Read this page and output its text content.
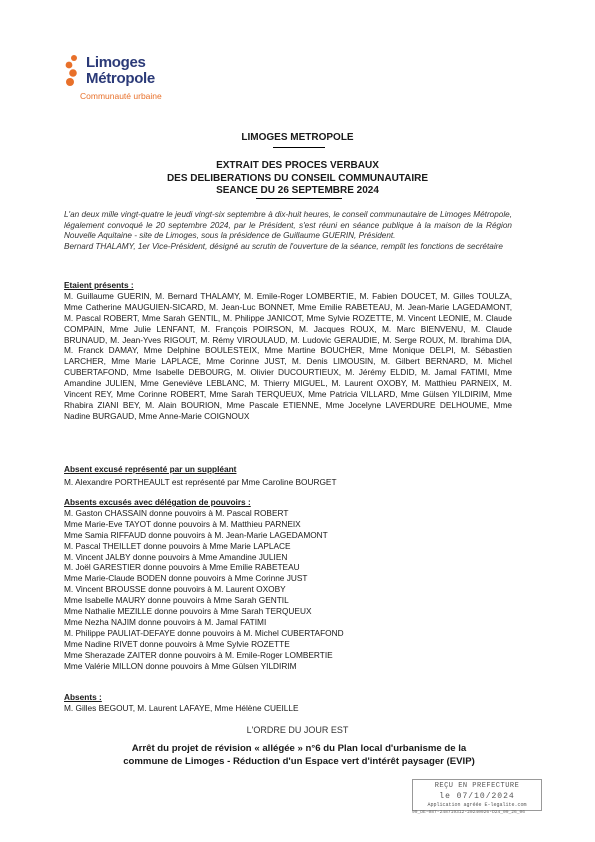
Limoges
Métropole
Communauté urbaine
LIMOGES METROPOLE
EXTRAIT DES PROCES VERBAUX
DES DELIBERATIONS DU CONSEIL COMMUNAUTAIRE
SEANCE DU 26 SEPTEMBRE 2024

L'an deux mille vingt-quatre le jeudi vingt-six septembre à dix-huit heures, le conseil communautaire de Limoges Métropole, légalement convoqué le 20 septembre 2024, par le Président, s'est réuni en séance publique à la maison de la Région Nouvelle Aquitaine - site de Limoges, sous la présidence de Guillaume GUERIN, Président.

Bernard THALAMY, 1er Vice-Président, désigné au scrutin de l'ouverture de la séance, remplit les fonctions de secrétaire

Etaient présents :

M. Guillaume GUERIN, M. Bernard THALAMY, M. Emile-Roger LOMBERTIE, M. Fabien DOUCET, M. Gilles TOULZA, Mme Catherine MAUGUIEN-SICARD, M. Jean-Luc BONNET, Mme Emilie RABETEAU, M. Jean-Marie LAGEDAMONT, M. Pascal ROBERT, Mme Sarah GENTIL, M. Philippe JANICOT, Mme Sylvie ROZETTE, M. Vincent LEONIE, M. Claude COMPAIN, Mme Julie LENFANT, M. François POIRSON, M. Jacques ROUX, M. Marc BIENVENU, M. Claude BRUNAUD, M. Jean-Yves RIGOUT, M. Rémy VIROULAUD, M. Ludovic GERAUDIE, M. Serge ROUX, M. Ibrahima DIA, M. Franck DAMAY, Mme Delphine BOULESTEIX, Mme Martine BOUCHER, Mme Monique DELPI, M. Sébastien LARCHER, Mme Marie LAPLACE, Mme Corinne JUST, M. Denis LIMOUSIN, M. Gilbert BERNARD, M. Michel CUBERTAFOND, Mme Isabelle DEBOURG, M. Olivier DUCOURTIEUX, M. Jérémy ELDID, M. Jamal FATIMI, Mme Amandine JULIEN, Mme Geneviève LEBLANC, M. Thierry MIGUEL, M. Laurent OXOBY, M. Matthieu PARNEIX, M. Vincent REY, Mme Corinne ROBERT, Mme Sarah TERQUEUX, Mme Patricia VILLARD, Mme Gülsen YILDIRIM, Mme Rhabira ZIANI BEY, M. Alain BOURION, Mme Pascale ETIENNE, Mme Jocelyne LAVERDURE DELHOUME, Mme Nadine BURGAUD, Mme Anne-Marie COIGNOUX

Absent excusé représenté par un suppléant

M. Alexandre PORTHEAULT est représenté par Mme Caroline BOURGET

Absents excusés avec délégation de pouvoirs :

M. Gaston CHASSAIN donne pouvoirs à M. Pascal ROBERT

Mme Marie-Eve TAYOT donne pouvoirs à M. Matthieu PARNEIX

Mme Samia RIFFAUD donne pouvoirs à M. Jean-Marie LAGEDAMONT

M. Pascal THEILLET donne pouvoirs à Mme Marie LAPLACE

M. Vincent JALBY donne pouvoirs à Mme Amandine JULIEN

M. Joël GARESTIER donne pouvoirs à Mme Emilie RABETEAU

Mme Marie-Claude BODEN donne pouvoirs à Mme Corinne JUST

M. Vincent BROUSSE donne pouvoirs à M. Laurent OXOBY

Mme Isabelle MAURY donne pouvoirs à Mme Sarah GENTIL

Mme Nathalie MEZILLE donne pouvoirs à Mme Sarah TERQUEUX

Mme Nezha NAJIM donne pouvoirs à M. Jamal FATIMI

M. Philippe PAULIAT-DEFAYE donne pouvoirs à M. Michel CUBERTAFOND

Mme Nadine RIVET donne pouvoirs à Mme Sylvie ROZETTE

Mme Sherazade ZAITER donne pouvoirs à M. Emile-Roger LOMBERTIE

Mme Valérie MILLON donne pouvoirs à Mme Gülsen YILDIRIM

Absents :

M. Gilles BEGOUT, M. Laurent LAFAYE, Mme Hélène CUEILLE

L'ORDRE DU JOUR EST
Arrêt du projet de révision « allégée » n°6 du Plan local d'urbanisme de la
commune de Limoges - Réduction d'un Espace vert d'intérêt paysager (EVIP)
REÇU EN PREFECTURE
le 07/10/2024
Application agréée E-legalite.com
99_DE-087-248719312-20240926-D24_09_26_06
